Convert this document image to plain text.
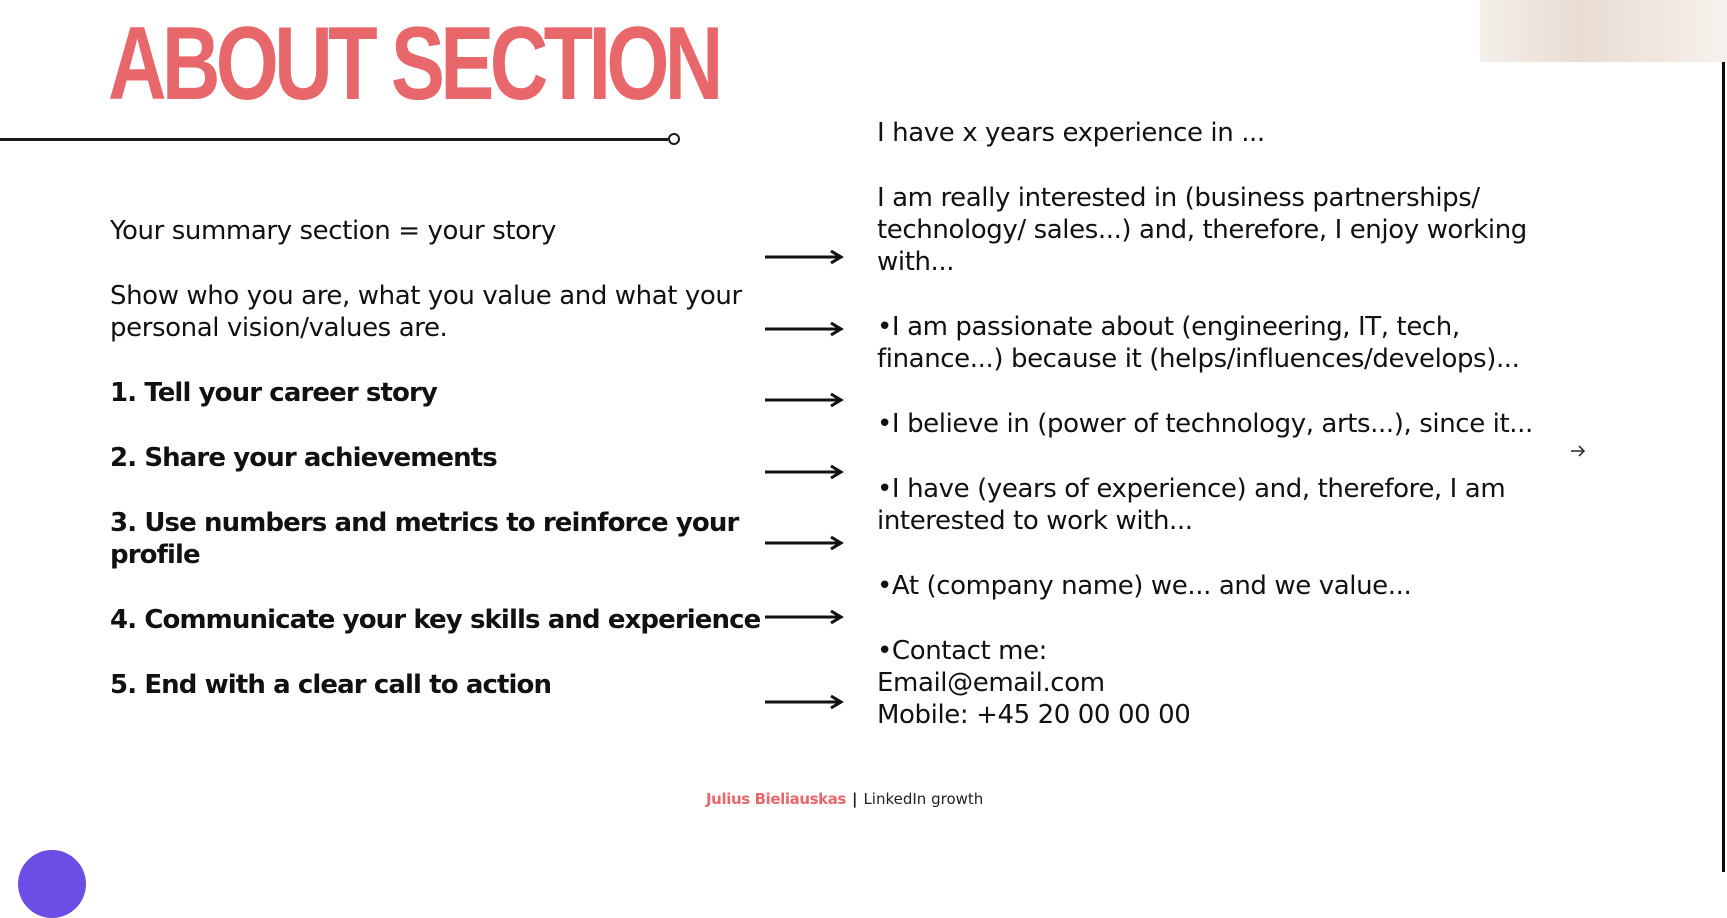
ABOUT SECTION
Your summary section = your story
Show who you are, what you value and what your
personal vision/values are.
1. Tell your career story
2. Share your achievements
3. Use numbers and metrics to reinforce your
profile
4. Communicate your key skills and experience
5. End with a clear call to action
I have x years experience in ...
I am really interested in (business partnerships/
technology/ sales...) and, therefore, I enjoy working
with...
•I am passionate about (engineering, IT, tech,
finance...) because it (helps/influences/develops)...
•I believe in (power of technology, arts...), since it...
•I have (years of experience) and, therefore, I am
interested to work with...
•At (company name) we... and we value...
•Contact me:
Email@email.com
Mobile: +45 20 00 00 00
Julius Bieliauskas | LinkedIn growth
